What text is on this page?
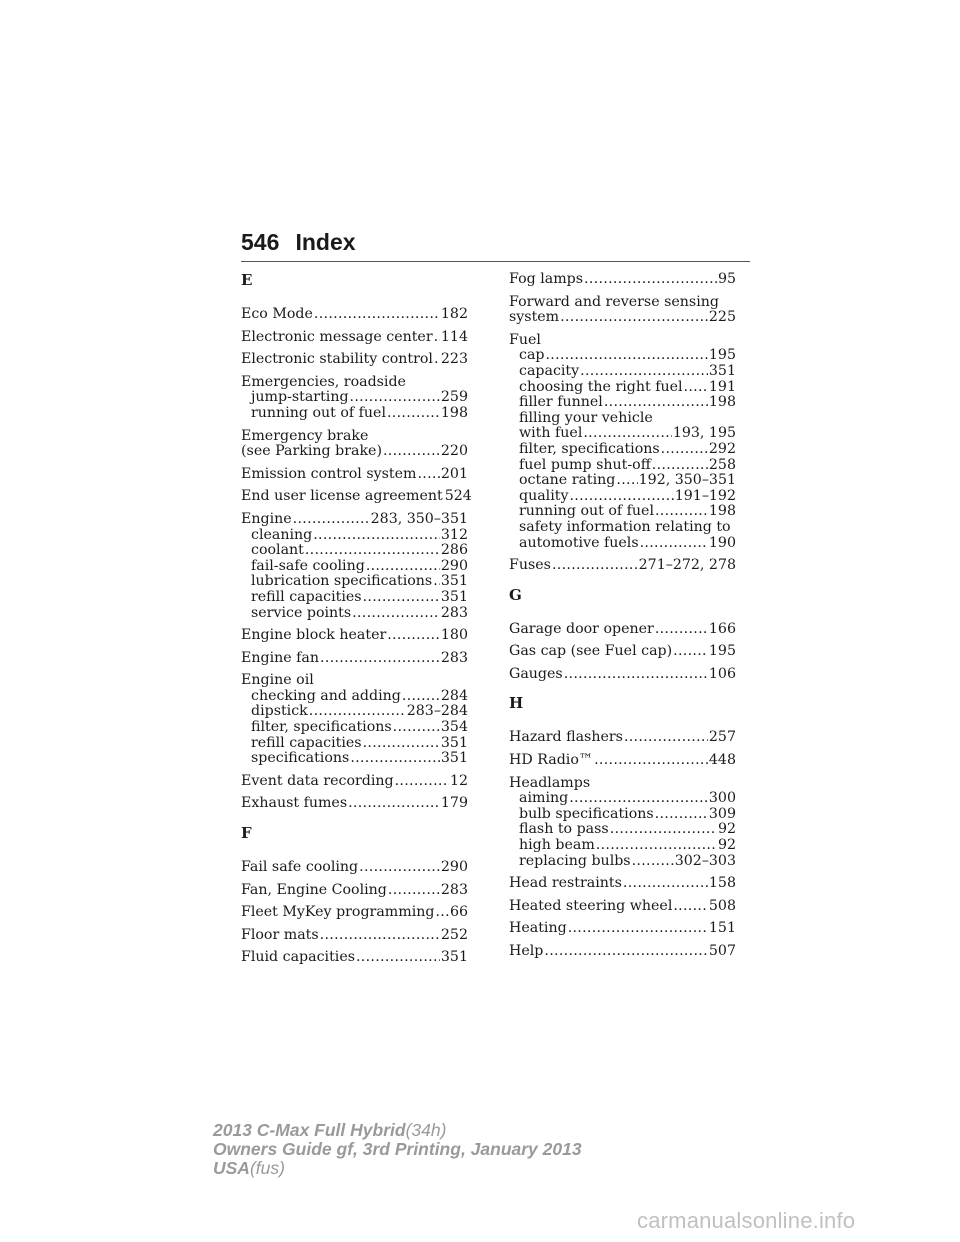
546 Index
E
Eco Mode .....	182
Electronic message center ..... 114
Electronic stability control ..... 223
Emergencies, roadside
jump-starting .....	259
running out of fuel .....	198
Emergency brake
(see Parking brake) .....	220
Emission control system ..... 201
End user license agreement 524
Engine .....	283, 350–351
cleaning .....	312
coolant .....	286
fail-safe cooling .....	290
lubrication specifications ..... 351
refill capacities .....	351
service points .....	283
Engine block heater .....	180
Engine fan .....	283
Engine oil
checking and adding .....	284
dipstick .....	283–284
filter, specifications .....	354
refill capacities .....	351
specifications .....	351
Event data recording .....	12
Exhaust fumes .....	179
F
Fail safe cooling .....	290
Fan, Engine Cooling .....	283
Fleet MyKey programming ..... 66
Floor mats .....	252
Fluid capacities .....	351
Fog lamps .....	95
Forward and reverse sensing
system .....	225
Fuel
cap .....	195
capacity .....	351
choosing the right fuel ..... 191
filler funnel .....	198
filling your vehicle
with fuel .....	193, 195
filter, specifications .....	292
fuel pump shut-off .....	258
octane rating ..... 192, 350–351
quality .....	191–192
running out of fuel .....	198
safety information relating to
automotive fuels .....	190
Fuses .....	271–272, 278
G
Garage door opener .....	166
Gas cap (see Fuel cap) .....	195
Gauges .....	106
H
Hazard flashers .....	257
HD Radio™ .....	448
Headlamps
aiming .....	300
bulb specifications .....	309
flash to pass .....	92
high beam .....	92
replacing bulbs .....	302–303
Head restraints .....	158
Heated steering wheel .....	508
Heating .....	151
Help .....	507
2013 C-Max Full Hybrid(34h)
Owners Guide gf, 3rd Printing, January 2013
USA(fus)
carmanualsonline.info
